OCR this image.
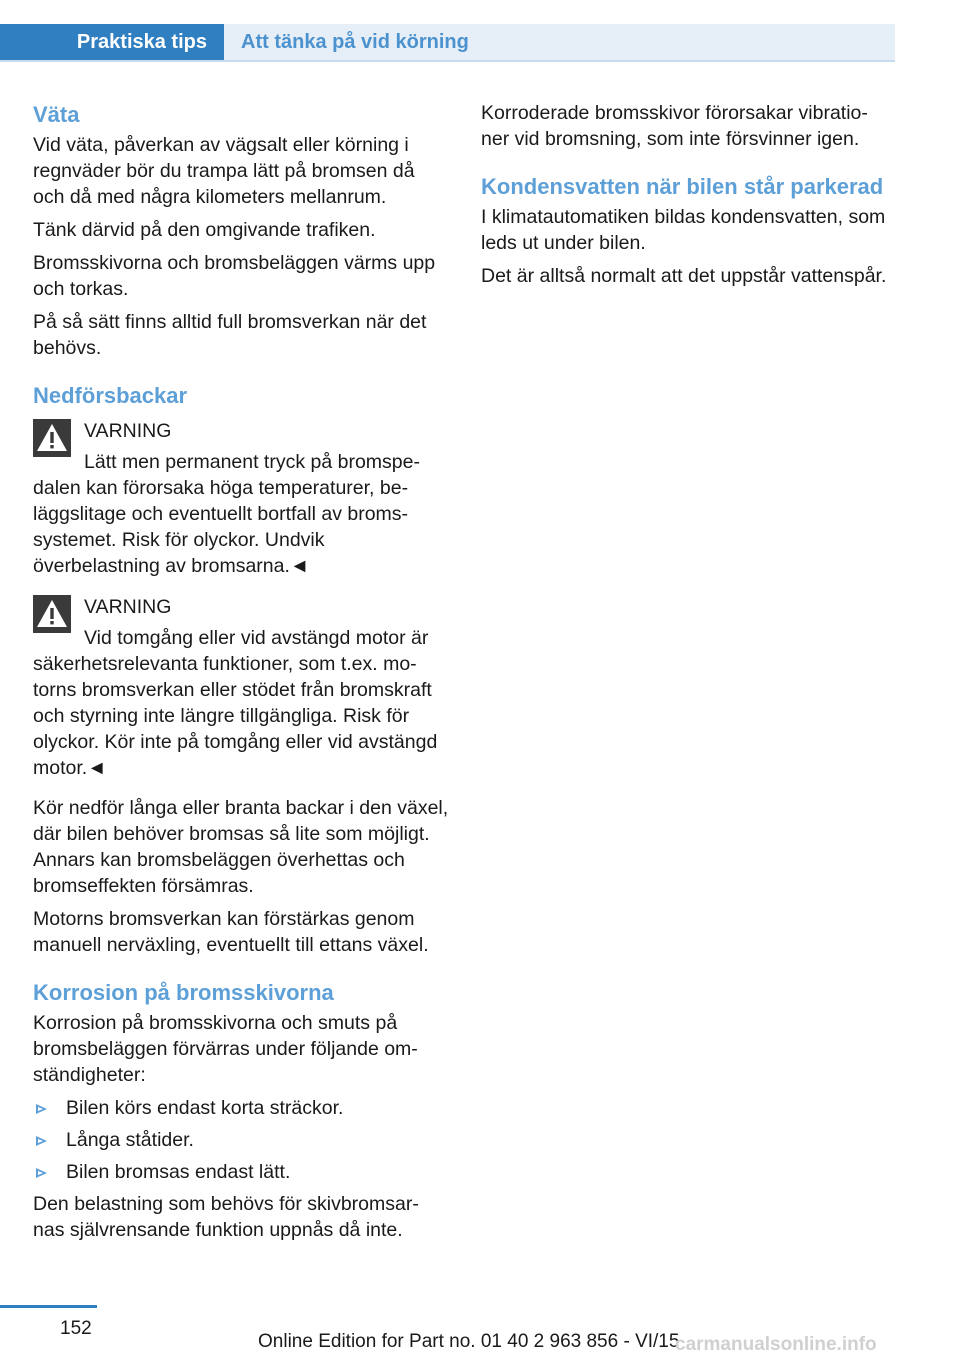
Praktiska tips	Att tänka på vid körning
Väta

Vid väta, påverkan av vägsalt eller körning i
regnväder bör du trampa lätt på bromsen då
och då med några kilometers mellanrum.

Tänk därvid på den omgivande trafiken.

Bromsskivorna och bromsbeläggen värms upp
och torkas.

På så sätt finns alltid full bromsverkan när det
behövs.

Nedförsbackar
VARNING
Lätt men permanent tryck på bromspe-
dalen kan förorsaka höga temperaturer, be-
läggslitage och eventuellt bortfall av broms-
systemet. Risk för olyckor. Undvik
överbelastning av bromsarna.◄
VARNING
Vid tomgång eller vid avstängd motor är
säkerhetsrelevanta funktioner, som t.ex. mo-
torns bromsverkan eller stödet från bromskraft
och styrning inte längre tillgängliga. Risk för
olyckor. Kör inte på tomgång eller vid avstängd
motor.◄

Kör nedför långa eller branta backar i den växel,
där bilen behöver bromsas så lite som möjligt.
Annars kan bromsbeläggen överhettas och
bromseffekten försämras.

Motorns bromsverkan kan förstärkas genom
manuell nerväxling, eventuellt till ettans växel.

Korrosion på bromsskivorna

Korrosion på bromsskivorna och smuts på
bromsbeläggen förvärras under följande om-
ständigheter:

Bilen körs endast korta sträckor.
Långa ståtider.
Bilen bromsas endast lätt.

Den belastning som behövs för skivbromsar-
nas självrensande funktion uppnås då inte.

Korroderade bromsskivor förorsakar vibratio-
ner vid bromsning, som inte försvinner igen.

Kondensvatten när bilen står parkerad

I klimatautomatiken bildas kondensvatten, som
leds ut under bilen.

Det är alltså normalt att det uppstår vattenspår.

152
Online Edition for Part no. 01 40 2 963 856 - VI/15
carmanualsonline.info
